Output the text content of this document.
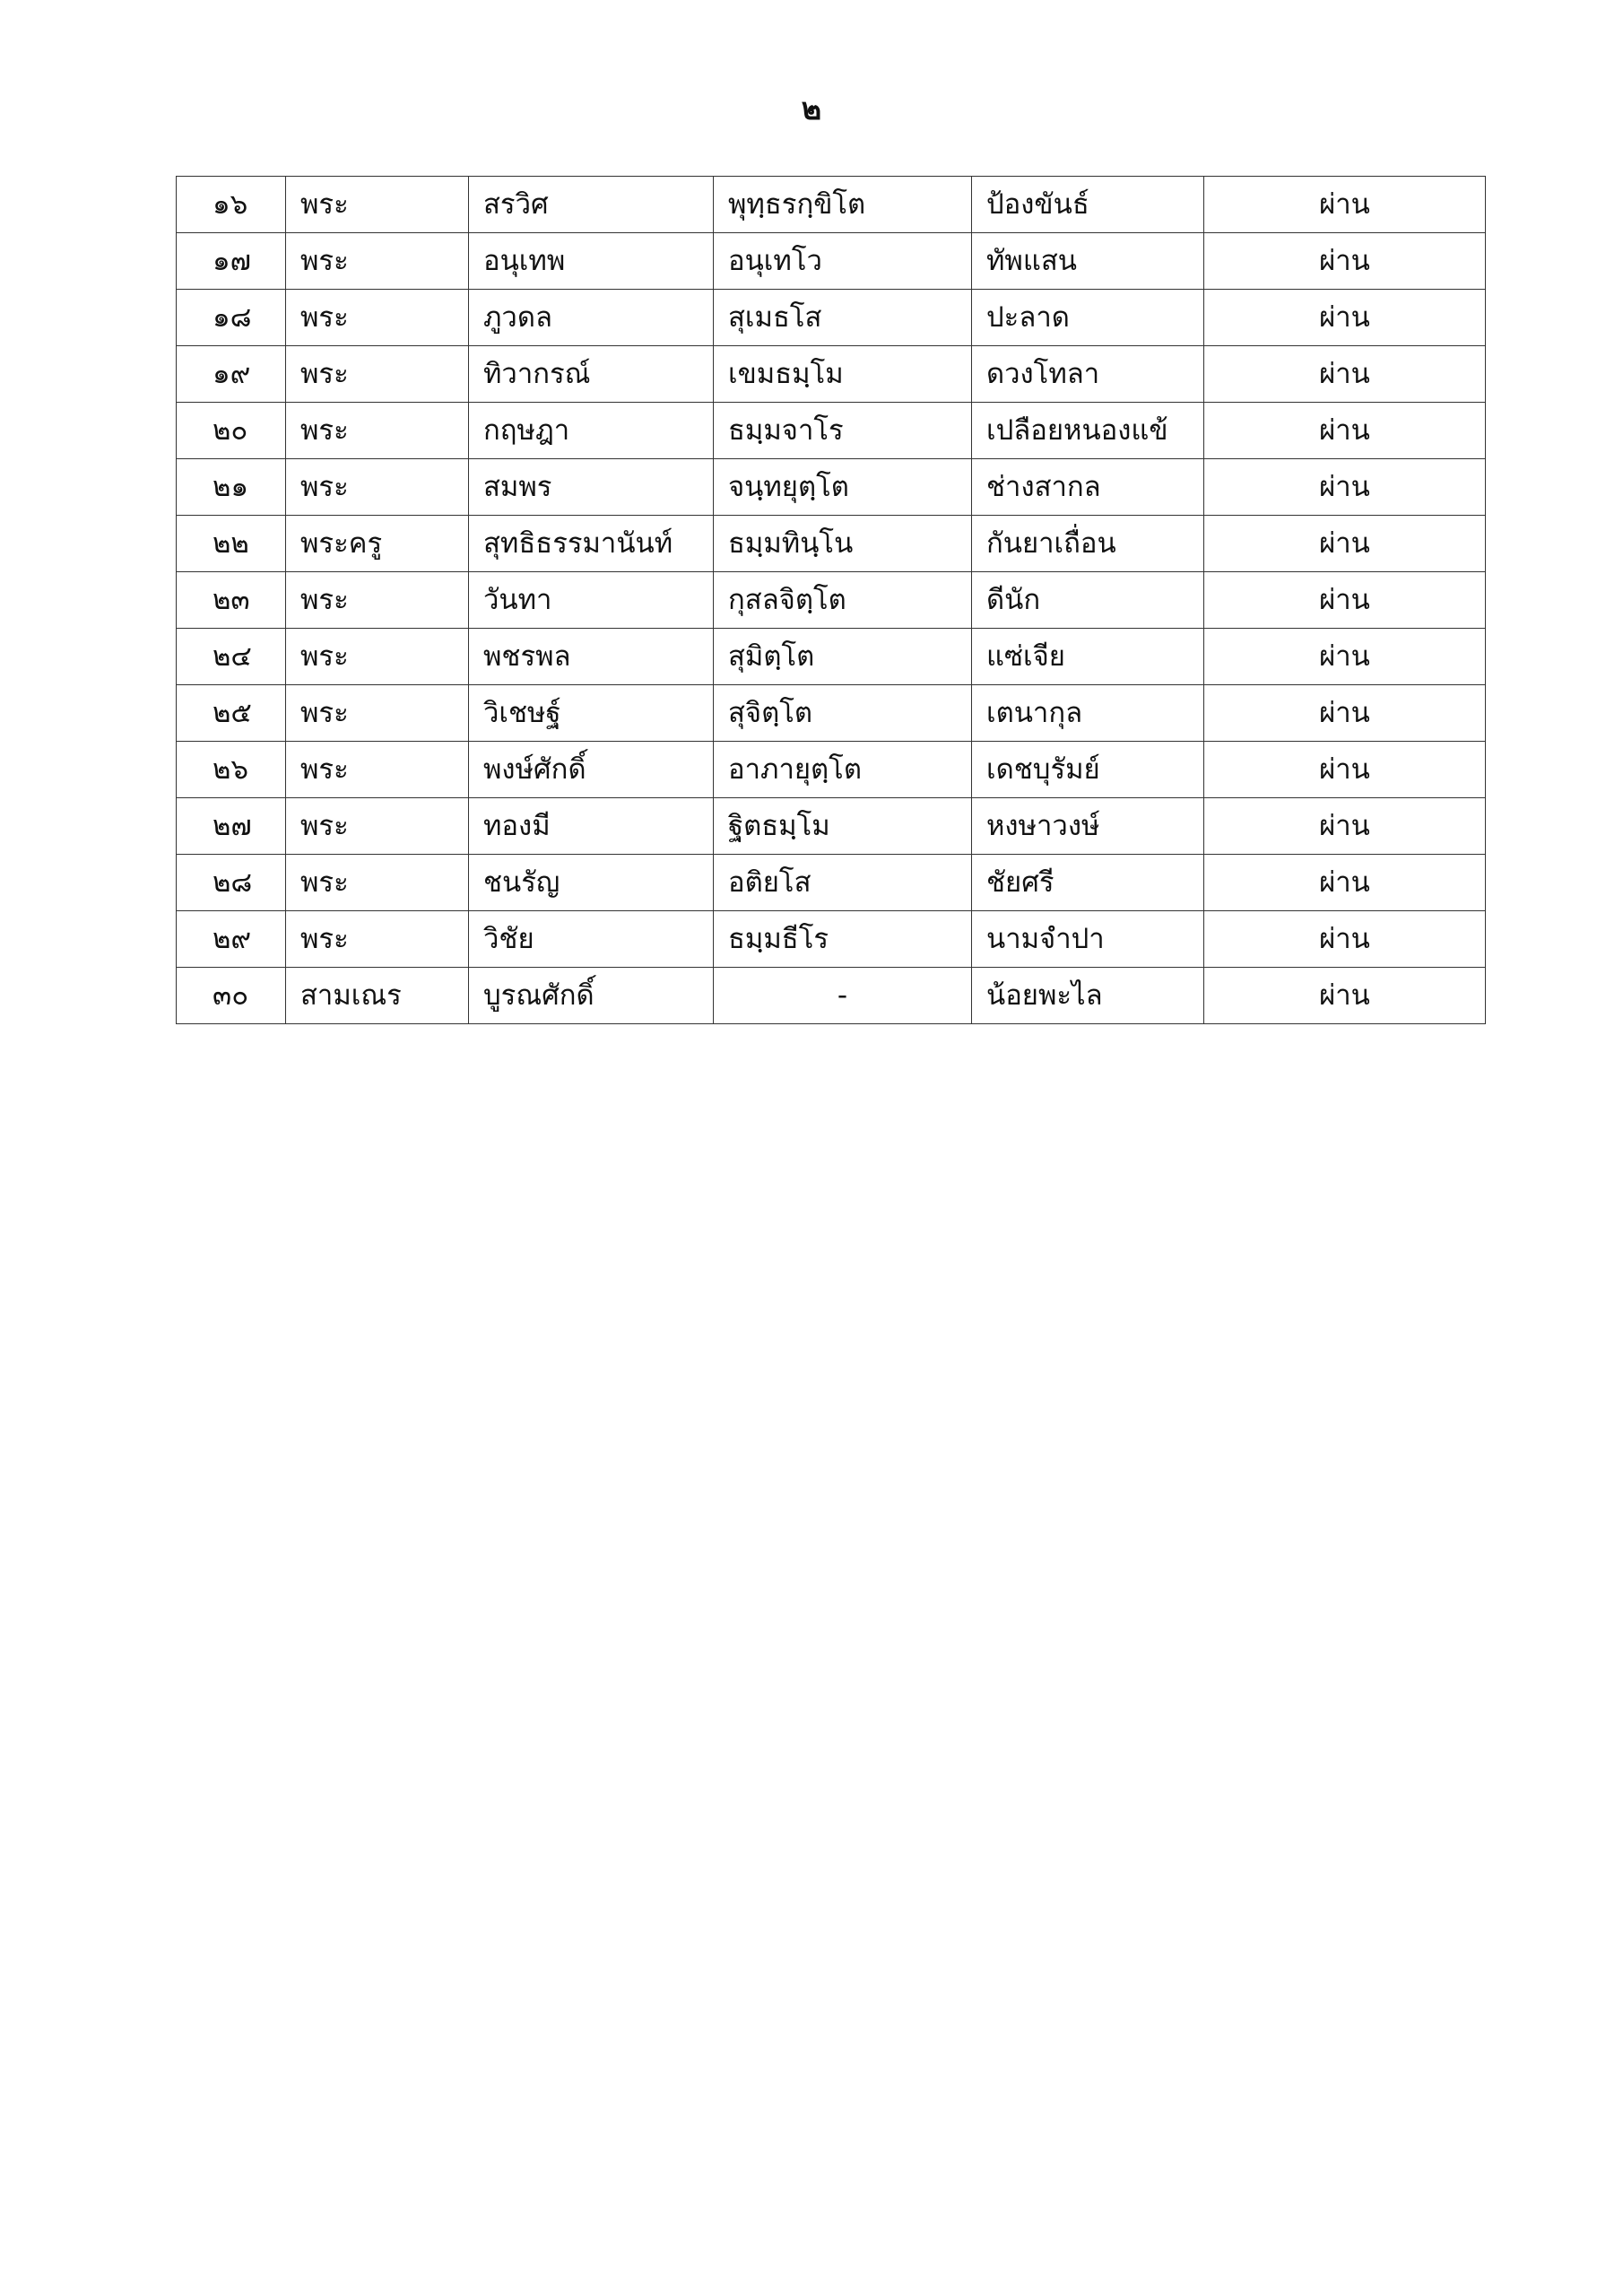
๒
๑๖	พระ	สรวิศ	พุทฺธรกฺขิโต	ป้องขันธ์	ผ่าน
๑๗	พระ	อนุเทพ	อนุเทโว	ทัพแสน	ผ่าน
๑๘	พระ	ภูวดล	สุเมธโส	ปะลาด	ผ่าน
๑๙	พระ	ทิวากรณ์	เขมธมฺโม	ดวงโทลา	ผ่าน
๒๐	พระ	กฤษฎา	ธมฺมจาโร	เปลือยหนองแข้	ผ่าน
๒๑	พระ	สมพร	จนฺทยุตฺโต	ช่างสากล	ผ่าน
๒๒	พระครู	สุทธิธรรมานันท์	ธมฺมทินฺโน	กันยาเถื่อน	ผ่าน
๒๓	พระ	วันทา	กุสลจิตฺโต	ดีนัก	ผ่าน
๒๔	พระ	พชรพล	สุมิตฺโต	แซ่เจีย	ผ่าน
๒๕	พระ	วิเชษฐ์	สุจิตฺโต	เตนากุล	ผ่าน
๒๖	พระ	พงษ์ศักดิ์	อาภายุตฺโต	เดชบุรัมย์	ผ่าน
๒๗	พระ	ทองมี	ฐิตธมฺโม	หงษาวงษ์	ผ่าน
๒๘	พระ	ชนรัญ	อติยโส	ชัยศรี	ผ่าน
๒๙	พระ	วิชัย	ธมฺมธีโร	นามจำปา	ผ่าน
๓๐	สามเณร	บูรณศักดิ์	-	น้อยพะไล	ผ่าน
